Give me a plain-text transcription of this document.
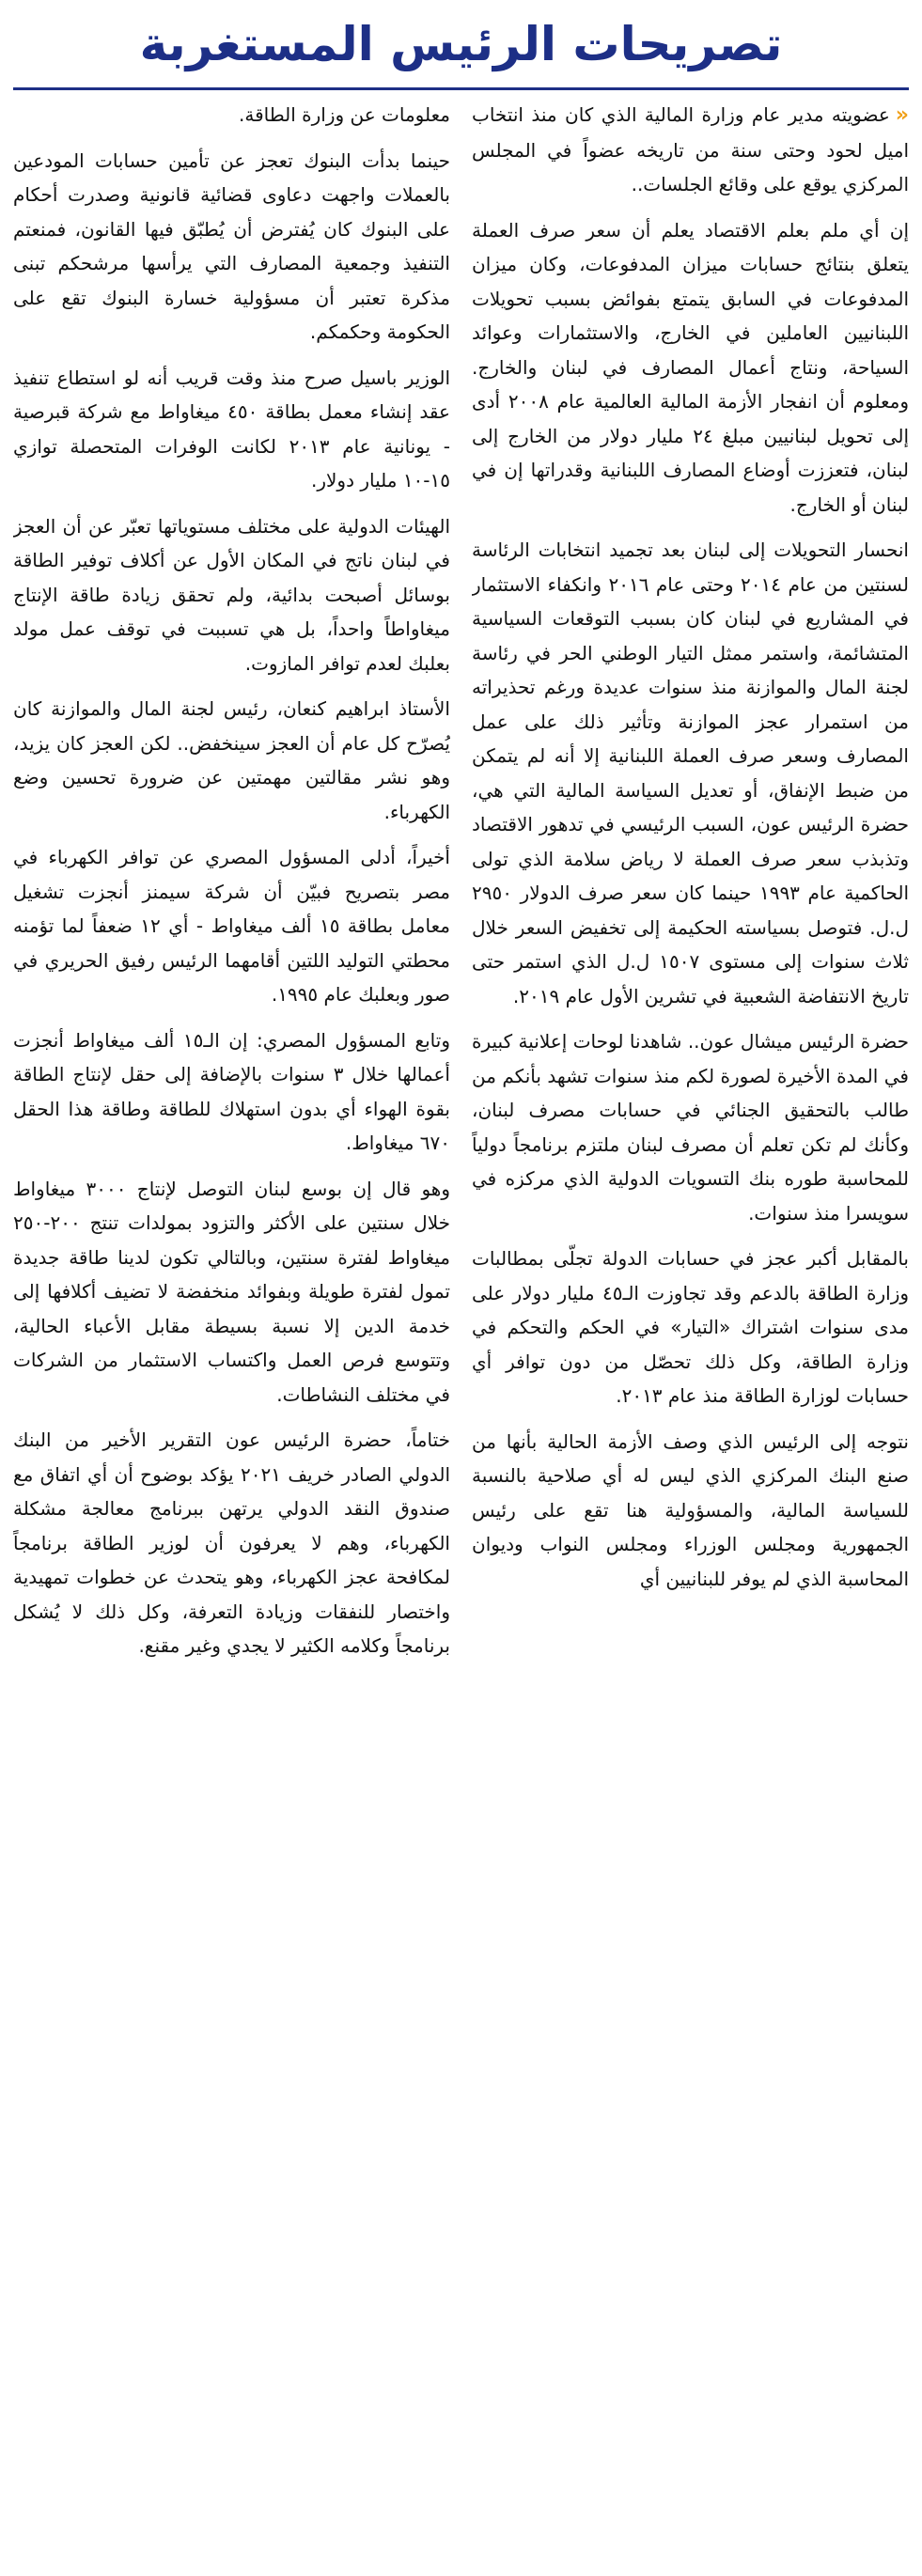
تصريحات الرئيس المستغربة

«عضويته مدير عام وزارة المالية الذي كان منذ انتخاب اميل لحود وحتى سنة من تاريخه عضواً في المجلس المركزي يوقع على وقائع الجلسات..

إن أي ملم بعلم الاقتصاد يعلم أن سعر صرف العملة يتعلق بنتائج حسابات ميزان المدفوعات، وكان ميزان المدفوعات في السابق يتمتع بفوائض بسبب تحويلات اللبنانيين العاملين في الخارج، والاستثمارات وعوائد السياحة، ونتاج أعمال المصارف في لبنان والخارج. ومعلوم أن انفجار الأزمة المالية العالمية عام ٢٠٠٨ أدى إلى تحويل لبنانيين مبلغ ٢٤ مليار دولار من الخارج إلى لبنان، فتعززت أوضاع المصارف اللبنانية وقدراتها إن في لبنان أو الخارج.

انحسار التحويلات إلى لبنان بعد تجميد انتخابات الرئاسة لسنتين من عام ٢٠١٤ وحتى عام ٢٠١٦ وانكفاء الاستثمار في المشاريع في لبنان كان بسبب التوقعات السياسية المتشائمة، واستمر ممثل التيار الوطني الحر في رئاسة لجنة المال والموازنة منذ سنوات عديدة ورغم تحذيراته من استمرار عجز الموازنة وتأثير ذلك على عمل المصارف وسعر صرف العملة اللبنانية إلا أنه لم يتمكن من ضبط الإنفاق، أو تعديل السياسة المالية التي هي، حضرة الرئيس عون، السبب الرئيسي في تدهور الاقتصاد وتذبذب سعر صرف العملة لا رياض سلامة الذي تولى الحاكمية عام ١٩٩٣ حينما كان سعر صرف الدولار ٢٩٥٠ ل.ل. فتوصل بسياسته الحكيمة إلى تخفيض السعر خلال ثلاث سنوات إلى مستوى ١٥٠٧ ل.ل الذي استمر حتى تاريخ الانتفاضة الشعبية في تشرين الأول عام ٢٠١٩.

حضرة الرئيس ميشال عون.. شاهدنا لوحات إعلانية كبيرة في المدة الأخيرة لصورة لكم منذ سنوات تشهد بأنكم من طالب بالتحقيق الجنائي في حسابات مصرف لبنان، وكأنك لم تكن تعلم أن مصرف لبنان ملتزم برنامجاً دولياً للمحاسبة طوره بنك التسويات الدولية الذي مركزه في سويسرا منذ سنوات.

بالمقابل أكبر عجز في حسابات الدولة تجلّى بمطالبات وزارة الطاقة بالدعم وقد تجاوزت الـ٤٥ مليار دولار على مدى سنوات اشتراك «التيار» في الحكم والتحكم في وزارة الطاقة، وكل ذلك تحصّل من دون توافر أي حسابات لوزارة الطاقة منذ عام ٢٠١٣.

نتوجه إلى الرئيس الذي وصف الأزمة الحالية بأنها من صنع البنك المركزي الذي ليس له أي صلاحية بالنسبة للسياسة المالية، والمسؤولية هنا تقع على رئيس الجمهورية ومجلس الوزراء ومجلس النواب وديوان المحاسبة الذي لم يوفر للبنانيين أي

معلومات عن وزارة الطاقة.

حينما بدأت البنوك تعجز عن تأمين حسابات المودعين بالعملات واجهت دعاوى قضائية قانونية وصدرت أحكام على البنوك كان يُفترض أن يُطبّق فيها القانون، فمنعتم التنفيذ وجمعية المصارف التي يرأسها مرشحكم تبنى مذكرة تعتبر أن مسؤولية خسارة البنوك تقع على الحكومة وحكمكم.

الوزير باسيل صرح منذ وقت قريب أنه لو استطاع تنفيذ عقد إنشاء معمل بطاقة ٤٥٠ ميغاواط مع شركة قبرصية - يونانية عام ٢٠١٣ لكانت الوفرات المتحصلة توازي ١٥-١٠ مليار دولار.

الهيئات الدولية على مختلف مستوياتها تعبّر عن أن العجز في لبنان ناتج في المكان الأول عن أكلاف توفير الطاقة بوسائل أصبحت بدائية، ولم تحقق زيادة طاقة الإنتاج ميغاواطاً واحداً، بل هي تسببت في توقف عمل مولد بعلبك لعدم توافر المازوت.

الأستاذ ابراهيم كنعان، رئيس لجنة المال والموازنة كان يُصرّح كل عام أن العجز سينخفض.. لكن العجز كان يزيد، وهو نشر مقالتين مهمتين عن ضرورة تحسين وضع الكهرباء.

أخيراً، أدلى المسؤول المصري عن توافر الكهرباء في مصر بتصريح فبيّن أن شركة سيمنز أنجزت تشغيل معامل بطاقة ١٥ ألف ميغاواط - أي ١٢ ضعفاً لما تؤمنه محطتي التوليد اللتين أقامهما الرئيس رفيق الحريري في صور وبعلبك عام ١٩٩٥.

وتابع المسؤول المصري: إن الـ١٥ ألف ميغاواط أنجزت أعمالها خلال ٣ سنوات بالإضافة إلى حقل لإنتاج الطاقة بقوة الهواء أي بدون استهلاك للطاقة وطاقة هذا الحقل ٦٧٠ ميغاواط.

وهو قال إن بوسع لبنان التوصل لإنتاج ٣٠٠٠ ميغاواط خلال سنتين على الأكثر والتزود بمولدات تنتج ٢٠٠-٢٥٠ ميغاواط لفترة سنتين، وبالتالي تكون لدينا طاقة جديدة تمول لفترة طويلة وبفوائد منخفضة لا تضيف أكلافها إلى خدمة الدين إلا نسبة بسيطة مقابل الأعباء الحالية، وتتوسع فرص العمل واكتساب الاستثمار من الشركات في مختلف النشاطات.

ختاماً، حضرة الرئيس عون التقرير الأخير من البنك الدولي الصادر خريف ٢٠٢١ يؤكد بوضوح أن أي اتفاق مع صندوق النقد الدولي يرتهن ببرنامج معالجة مشكلة الكهرباء، وهم لا يعرفون أن لوزير الطاقة برنامجاً لمكافحة عجز الكهرباء، وهو يتحدث عن خطوات تمهيدية واختصار للنفقات وزيادة التعرفة، وكل ذلك لا يُشكل برنامجاً وكلامه الكثير لا يجدي وغير مقنع.
